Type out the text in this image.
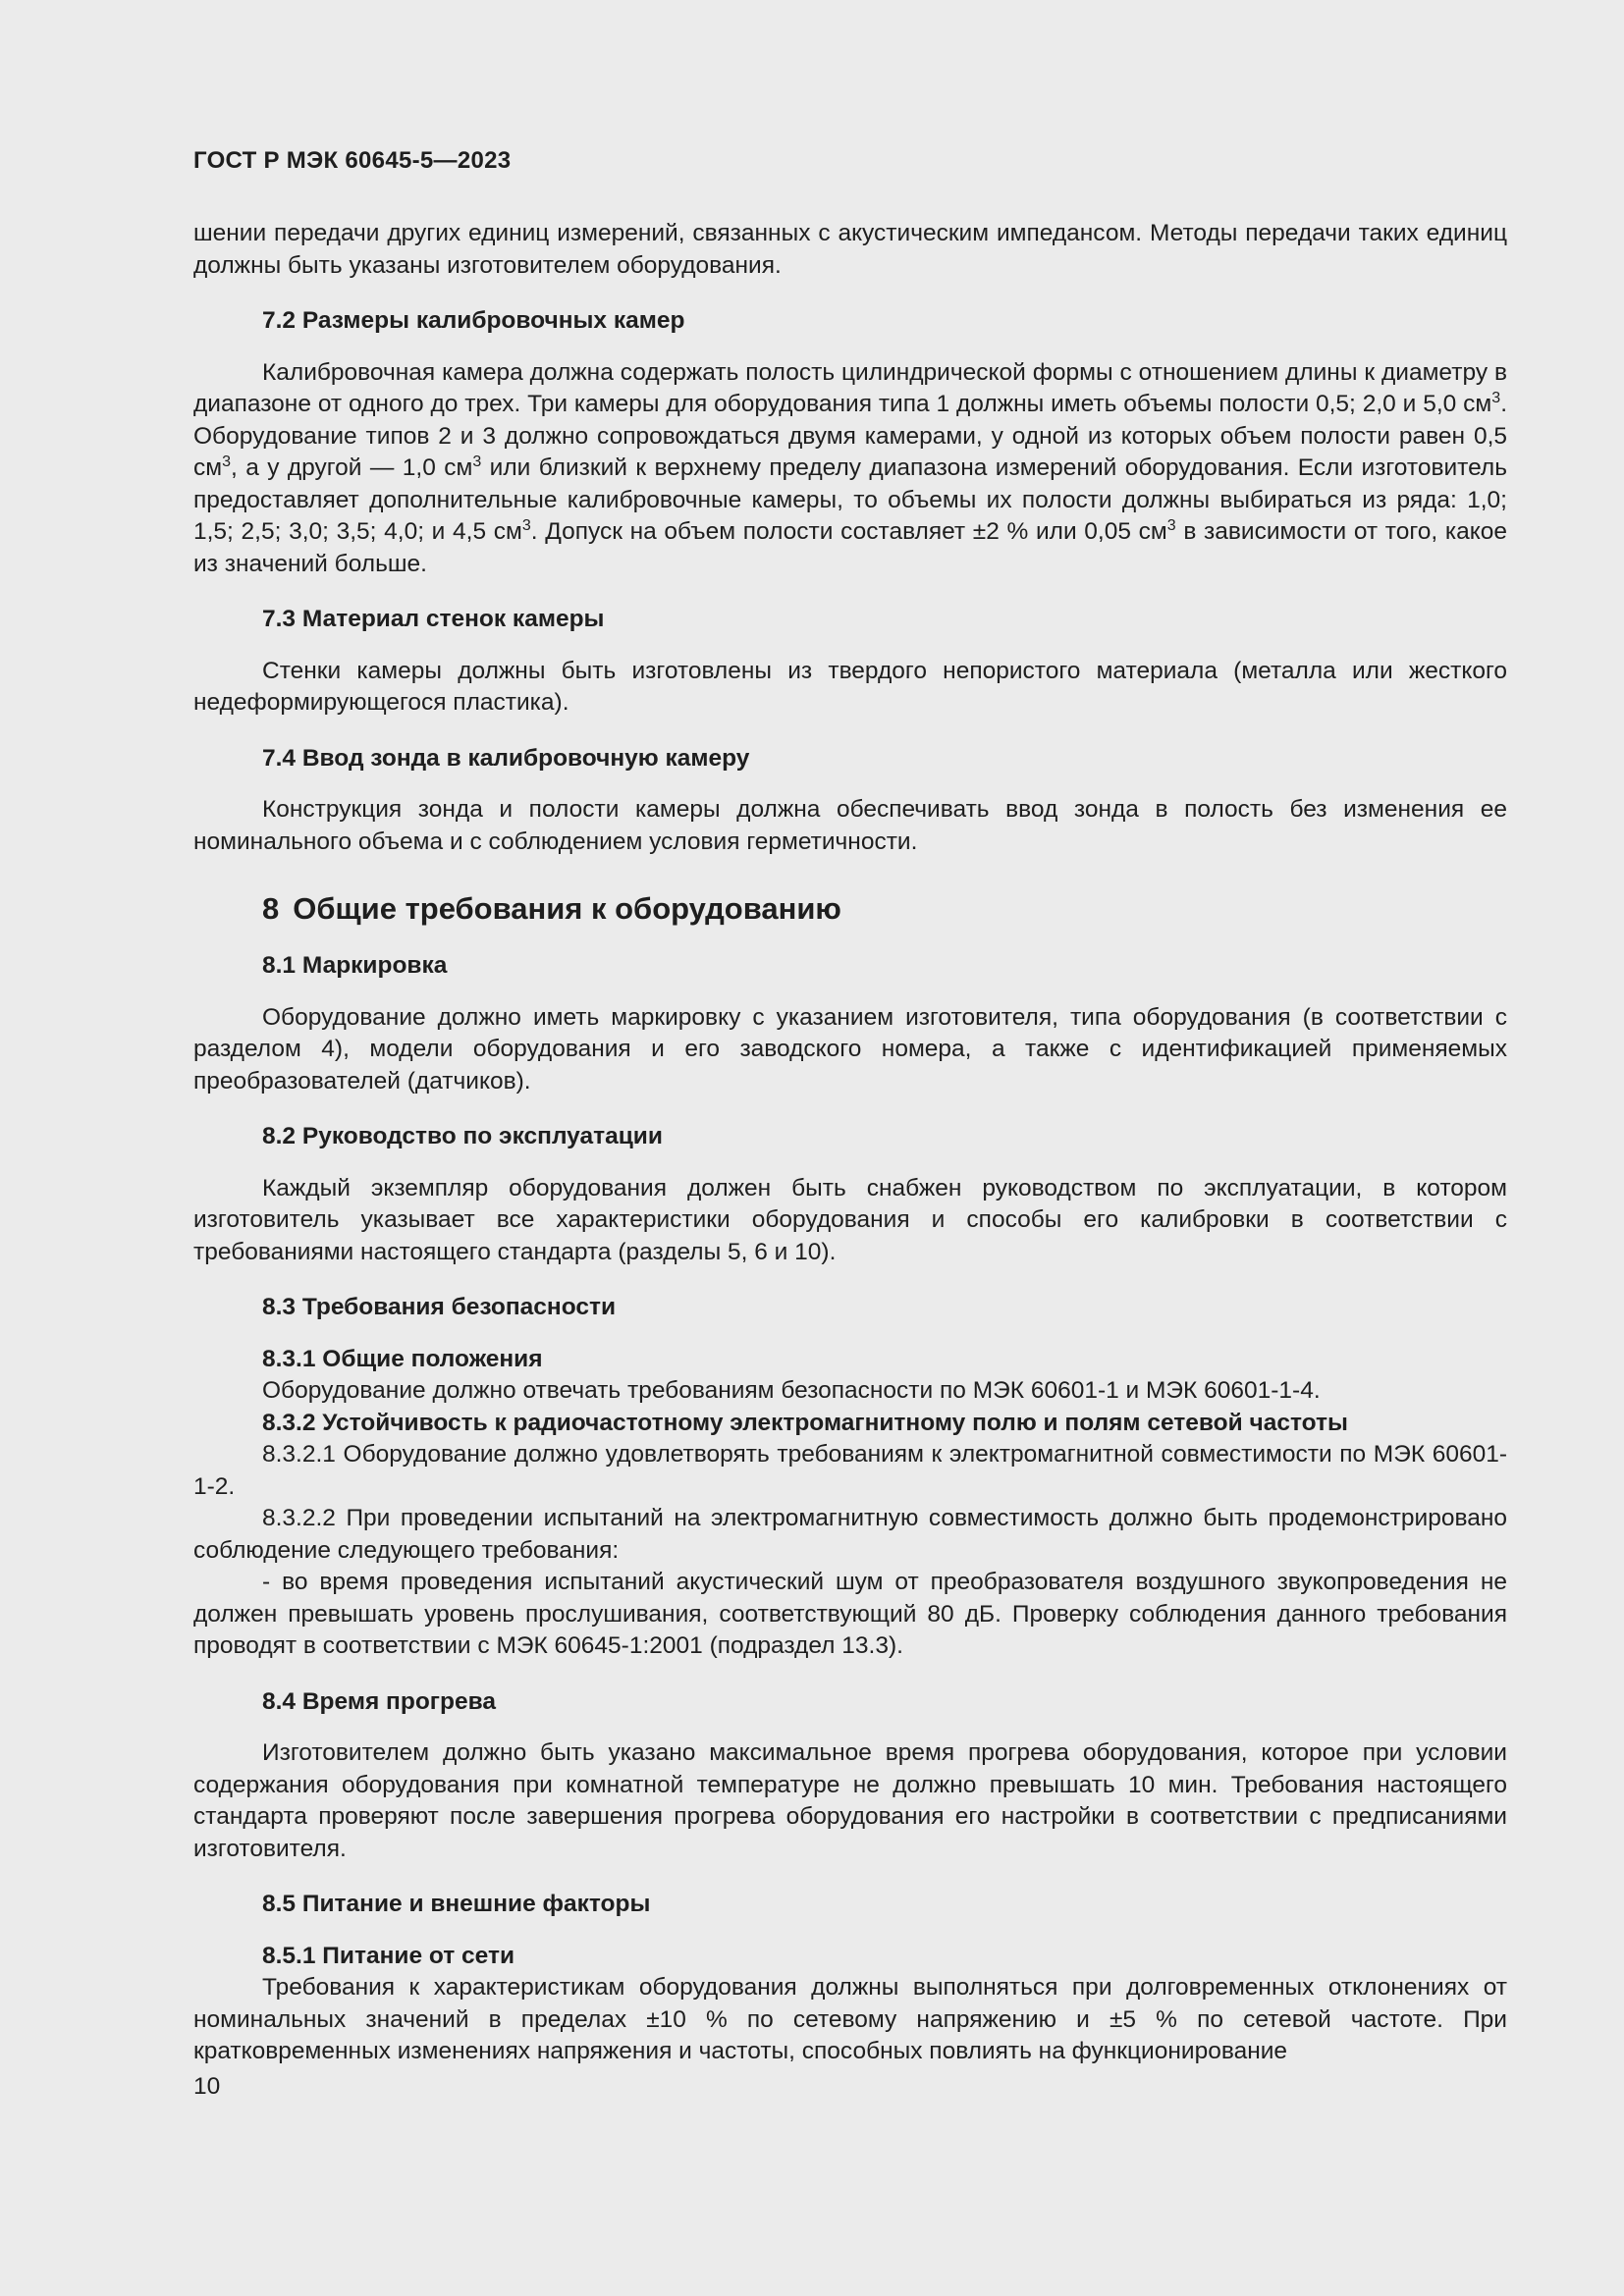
ГОСТ Р МЭК 60645-5—2023

шении передачи других единиц измерений, связанных с акустическим импедансом. Методы передачи таких единиц должны быть указаны изготовителем оборудования.

7.2 Размеры калибровочных камер

Калибровочная камера должна содержать полость цилиндрической формы с отношением длины к диаметру в диапазоне от одного до трех. Три камеры для оборудования типа 1 должны иметь объемы полости 0,5; 2,0 и 5,0 $см^3$. Оборудование типов 2 и 3 должно сопровождаться двумя камерами, у одной из которых объем полости равен 0,5 $см^3$, а у другой — 1,0 $см^3$ или близкий к верхнему пределу диапазона измерений оборудования. Если изготовитель предоставляет дополнительные калибровочные камеры, то объемы их полости должны выбираться из ряда: 1,0; 1,5; 2,5; 3,0; 3,5; 4,0; и 4,5 $см^3$. Допуск на объем полости составляет ±2 % или 0,05 $см^3$ в зависимости от того, какое из значений больше.

7.3 Материал стенок камеры

Стенки камеры должны быть изготовлены из твердого непористого материала (металла или жесткого недеформирующегося пластика).

7.4 Ввод зонда в калибровочную камеру

Конструкция зонда и полости камеры должна обеспечивать ввод зонда в полость без изменения ее номинального объема и с соблюдением условия герметичности.

8 Общие требования к оборудованию
8.1 Маркировка

Оборудование должно иметь маркировку с указанием изготовителя, типа оборудования (в соответствии с разделом 4), модели оборудования и его заводского номера, а также с идентификацией применяемых преобразователей (датчиков).

8.2 Руководство по эксплуатации

Каждый экземпляр оборудования должен быть снабжен руководством по эксплуатации, в котором изготовитель указывает все характеристики оборудования и способы его калибровки в соответствии с требованиями настоящего стандарта (разделы 5, 6 и 10).

8.3 Требования безопасности
8.3.1 Общие положения

Оборудование должно отвечать требованиям безопасности по МЭК 60601-1 и МЭК 60601-1-4.

8.3.2 Устойчивость к радиочастотному электромагнитному полю и полям сетевой частоты

8.3.2.1 Оборудование должно удовлетворять требованиям к электромагнитной совместимости по МЭК 60601-1-2.

8.3.2.2 При проведении испытаний на электромагнитную совместимость должно быть продемонстрировано соблюдение следующего требования:

- во время проведения испытаний акустический шум от преобразователя воздушного звукопроведения не должен превышать уровень прослушивания, соответствующий 80 дБ. Проверку соблюдения данного требования проводят в соответствии с МЭК 60645-1:2001 (подраздел 13.3).

8.4 Время прогрева

Изготовителем должно быть указано максимальное время прогрева оборудования, которое при условии содержания оборудования при комнатной температуре не должно превышать 10 мин. Требования настоящего стандарта проверяют после завершения прогрева оборудования его настройки в соответствии с предписаниями изготовителя.

8.5 Питание и внешние факторы
8.5.1 Питание от сети

Требования к характеристикам оборудования должны выполняться при долговременных отклонениях от номинальных значений в пределах ±10 % по сетевому напряжению и ±5 % по сетевой частоте. При кратковременных изменениях напряжения и частоты, способных повлиять на функционирование

10
